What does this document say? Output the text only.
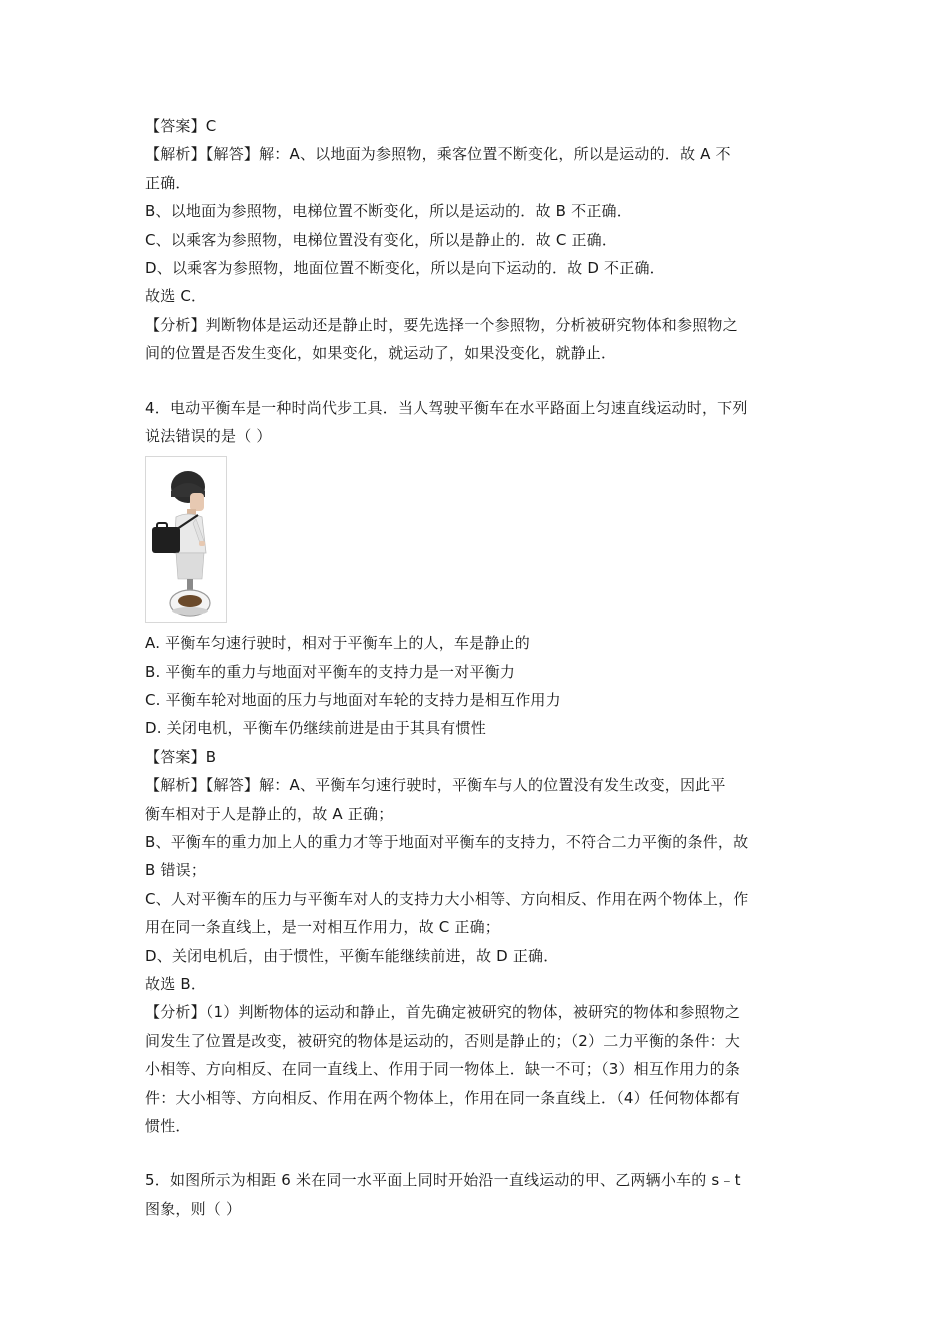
【答案】C
【解析】【解答】解：A、以地面为参照物，乘客位置不断变化，所以是运动的．故 A 不
正确．
B、以地面为参照物，电梯位置不断变化，所以是运动的．故 B 不正确．
C、以乘客为参照物，电梯位置没有变化，所以是静止的．故 C 正确．
D、以乘客为参照物，地面位置不断变化，所以是向下运动的．故 D 不正确．
故选 C．
【分析】判断物体是运动还是静止时，要先选择一个参照物，分析被研究物体和参照物之
间的位置是否发生变化，如果变化，就运动了，如果没变化，就静止．
4．电动平衡车是一种时尚代步工具．当人驾驶平衡车在水平路面上匀速直线运动时，下列
说法错误的是（ ）
A. 平衡车匀速行驶时，相对于平衡车上的人，车是静止的
B. 平衡车的重力与地面对平衡车的支持力是一对平衡力
C. 平衡车轮对地面的压力与地面对车轮的支持力是相互作用力
D. 关闭电机，平衡车仍继续前进是由于其具有惯性
【答案】B
【解析】【解答】解：A、平衡车匀速行驶时，平衡车与人的位置没有发生改变，因此平
衡车相对于人是静止的，故 A 正确；
B、平衡车的重力加上人的重力才等于地面对平衡车的支持力，不符合二力平衡的条件，故
B 错误；
C、人对平衡车的压力与平衡车对人的支持力大小相等、方向相反、作用在两个物体上，作
用在同一条直线上，是一对相互作用力，故 C 正确；
D、关闭电机后，由于惯性，平衡车能继续前进，故 D 正确．
故选 B．
【分析】（1）判断物体的运动和静止，首先确定被研究的物体，被研究的物体和参照物之
间发生了位置是改变，被研究的物体是运动的，否则是静止的；（2）二力平衡的条件：大
小相等、方向相反、在同一直线上、作用于同一物体上．缺一不可；（3）相互作用力的条
件：大小相等、方向相反、作用在两个物体上，作用在同一条直线上．（4）任何物体都有
惯性．
5．如图所示为相距 6 米在同一水平面上同时开始沿一直线运动的甲、乙两辆小车的 s﹣t
图象，则（ ）
